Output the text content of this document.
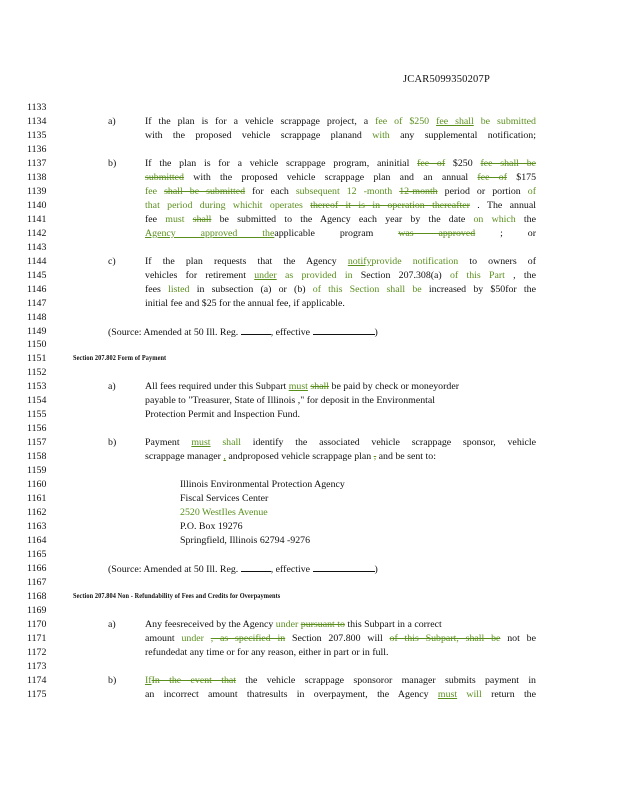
JCAR5099350207P
1133
1134	a)	If the plan is for a vehicle scrappage project, a fee of $250 fee shall be submitted
1135	with the proposed vehicle scrappage planand with any supplemental notification;
1136
1137	b)	If the plan is for a vehicle scrappage program, aninitial fee of $250 fee shall be
1138	submitted with the proposed vehicle scrappage plan and an annual fee of $175
1139	fee shall be submitted for each subsequent 12 -month 12-month period or portion of
1140	that period during whichit operates thereof it is in operation thereafter . The annual
1141	fee must shall be submitted to the Agency each year by the date on which the
1142	Agency approved theapplicable program was approved ; or
1143
1144	c)	If the plan requests that the Agency notifyprovide notification to owners of
1145	vehicles for retirement under as provided in Section 207.308(a) of this Part , the
1146	fees listed in subsection (a) or (b) of this Section shall be increased by $50for the
1147	initial fee and $25 for the annual fee, if applicable.
1148
1149	(Source: Amended at 50 Ill. Reg.	, effective	)
1150
1151	Section 207.802 Form of Payment
1152
1153	a)	All fees required under this Subpart must shall be paid by check or moneyorder
1154	payable to "Treasurer, State of Illinois ," for deposit in the Environmental
1155	Protection Permit and Inspection Fund.
1156
1157	b)	Payment must shall identify the associated vehicle scrappage sponsor, vehicle
1158	scrappage manager , andproposed vehicle scrappage plan , and be sent to:
1159
1160	Illinois Environmental Protection Agency
1161	Fiscal Services Center
1162	2520 WestIles Avenue
1163	P.O. Box 19276
1164	Springfield, Illinois 62794 -9276
1165
1166	(Source: Amended at 50 Ill. Reg.	, effective	)
1167
1168	Section 207.804 Non - Refundability of Fees and Credits for Overpayments
1169
1170	a)	Any feesreceived by the Agency under pursuant to this Subpart in a correct
1171	amount under , as specified in Section 207.800 will of this Subpart, shall be not be
1172	refundedat any time or for any reason, either in part or in full.
1173
1174	b)	IfIn the event that the vehicle scrappage sponsoror manager submits payment in
1175	an incorrect amount thatresults in overpayment, the Agency must will return the
